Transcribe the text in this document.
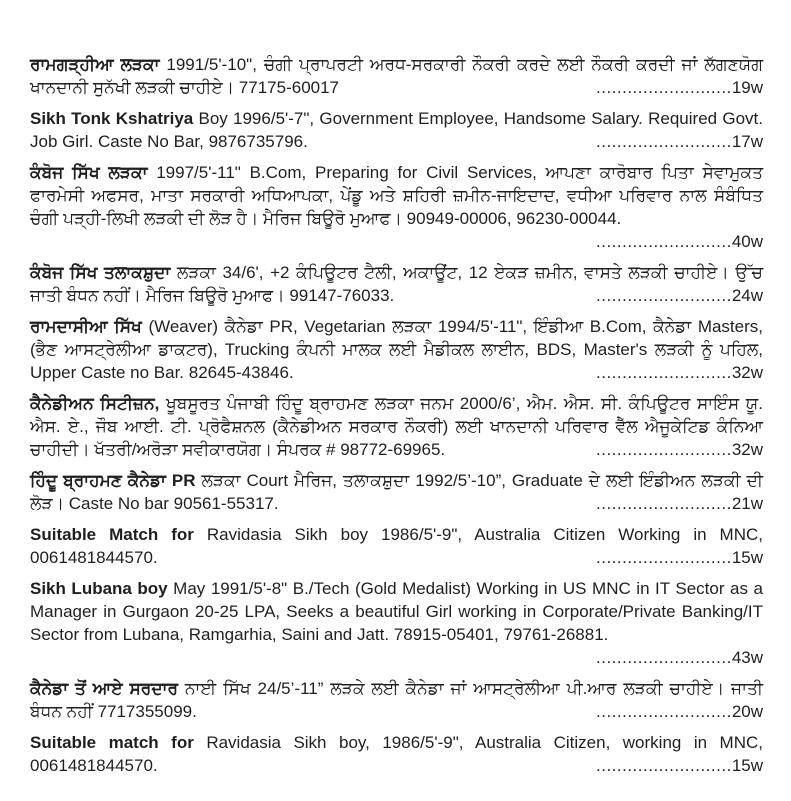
ਰਾਮਗੜ੍ਹੀਆ ਲੜਕਾ 1991/5'-10", ਚੰਗੀ ਪ੍ਰਾਪਰਟੀ ਅਰਧ-ਸਰਕਾਰੀ ਨੌਕਰੀ ਕਰਦੇ ਲਈ ਨੌਕਰੀ ਕਰਦੀ ਜਾਂ ਲੱਗਣਯੋਗ ਖਾਨਦਾਨੀ ਸੁਨੱਖੀ ਲੜਕੀ ਚਾਹੀਏ। 77175-60017	..........................19w

Sikh Tonk Kshatriya Boy 1996/5'-7", Government Employee, Handsome Salary. Required Govt. Job Girl. Caste No Bar, 9876735796.	..........................17w

ਕੰਬੋਜ ਸਿੱਖ ਲੜਕਾ 1997/5'-11" B.Com, Preparing for Civil Services, ਆਪਣਾ ਕਾਰੋਬਾਰ ਪਿਤਾ ਸੇਵਾਮੁਕਤ ਫਾਰਮੇਸੀ ਅਫਸਰ, ਮਾਤਾ ਸਰਕਾਰੀ ਅਧਿਆਪਕਾ, ਪੇਂਡੂ ਅਤੇ ਸ਼ਹਿਰੀ ਜ਼ਮੀਨ-ਜਾਇਦਾਦ, ਵਧੀਆ ਪਰਿਵਾਰ ਨਾਲ ਸੰਬੰਧਿਤ ਚੰਗੀ ਪੜ੍ਹੀ-ਲਿਖੀ ਲੜਕੀ ਦੀ ਲੋੜ ਹੈ। ਮੈਰਿਜ ਬਿਊਰੋ ਮੁਆਫ। 90949-00006, 96230-00044.
..........................40w

ਕੰਬੋਜ ਸਿੱਖ ਤਲਾਕਸ਼ੁਦਾ ਲੜਕਾ 34/6', +2 ਕੰਪਿਊਟਰ ਟੈਲੀ, ਅਕਾਊਂਟ, 12 ਏਕੜ ਜ਼ਮੀਨ, ਵਾਸਤੇ ਲੜਕੀ ਚਾਹੀਏ। ਉੱਚ ਜਾਤੀ ਬੰਧਨ ਨਹੀਂ। ਮੈਰਿਜ ਬਿਊਰੋ ਮੁਆਫ। 99147-76033.	..........................24w

ਰਾਮਦਾਸੀਆ ਸਿੱਖ (Weaver) ਕੈਨੇਡਾ PR, Vegetarian ਲੜਕਾ 1994/5'-11", ਇੰਡੀਆ B.Com, ਕੈਨੇਡਾ Masters, (ਭੈਣ ਆਸਟ੍ਰੇਲੀਆ ਡਾਕਟਰ), Trucking ਕੰਪਨੀ ਮਾਲਕ ਲਈ ਮੈਡੀਕਲ ਲਾਈਨ, BDS, Master's ਲੜਕੀ ਨੂੰ ਪਹਿਲ, Upper Caste no Bar. 82645-43846.	..........................32w

ਕੈਨੇਡੀਅਨ ਸਿਟੀਜ਼ਨ, ਖੂਬਸੂਰਤ ਪੰਜਾਬੀ ਹਿੰਦੂ ਬ੍ਰਾਹਮਣ ਲੜਕਾ ਜਨਮ 2000/6’, ਐਮ. ਐਸ. ਸੀ. ਕੰਪਿਊਟਰ ਸਾਇੰਸ ਯੂ. ਐਸ. ਏ., ਜੌਬ ਆਈ. ਟੀ. ਪ੍ਰੋਫੈਸ਼ਨਲ (ਕੈਨੇਡੀਅਨ ਸਰਕਾਰ ਨੌਕਰੀ) ਲਈ ਖਾਨਦਾਨੀ ਪਰਿਵਾਰ ਵੈੱਲ ਐਜੂਕੇਟਿਡ ਕੰਨਿਆ ਚਾਹੀਦੀ। ਖੱਤਰੀ/ਅਰੋੜਾ ਸਵੀਕਾਰਯੋਗ। ਸੰਪਰਕ # 98772-69965.	..........................32w

ਹਿੰਦੂ ਬ੍ਰਾਹਮਣ ਕੈਨੇਡਾ PR ਲੜਕਾ Court ਮੈਰਿਜ, ਤਲਾਕਸ਼ੁਦਾ 1992/5’-10”, Graduate ਦੇ ਲਈ ਇੰਡੀਅਨ ਲੜਕੀ ਦੀ ਲੋੜ। Caste No bar 90561-55317.	..........................21w

Suitable Match for Ravidasia Sikh boy 1986/5'-9", Australia Citizen Working in MNC, 0061481844570.	..........................15w

Sikh Lubana boy May 1991/5'-8" B./Tech (Gold Medalist) Working in US MNC in IT Sector as a Manager in Gurgaon 20-25 LPA, Seeks a beautiful Girl working in Corporate/Private Banking/IT Sector from Lubana, Ramgarhia, Saini and Jatt. 78915-05401, 79761-26881.
..........................43w

ਕੈਨੇਡਾ ਤੋਂ ਆਏ ਸਰਦਾਰ ਨਾਈ ਸਿੱਖ 24/5’-11” ਲੜਕੇ ਲਈ ਕੈਨੇਡਾ ਜਾਂ ਆਸਟ੍ਰੇਲੀਆ ਪੀ.ਆਰ ਲੜਕੀ ਚਾਹੀਏ। ਜਾਤੀ ਬੰਧਨ ਨਹੀਂ 7717355099.	..........................20w

Suitable match for Ravidasia Sikh boy, 1986/5'-9", Australia Citizen, working in MNC, 0061481844570.	..........................15w
